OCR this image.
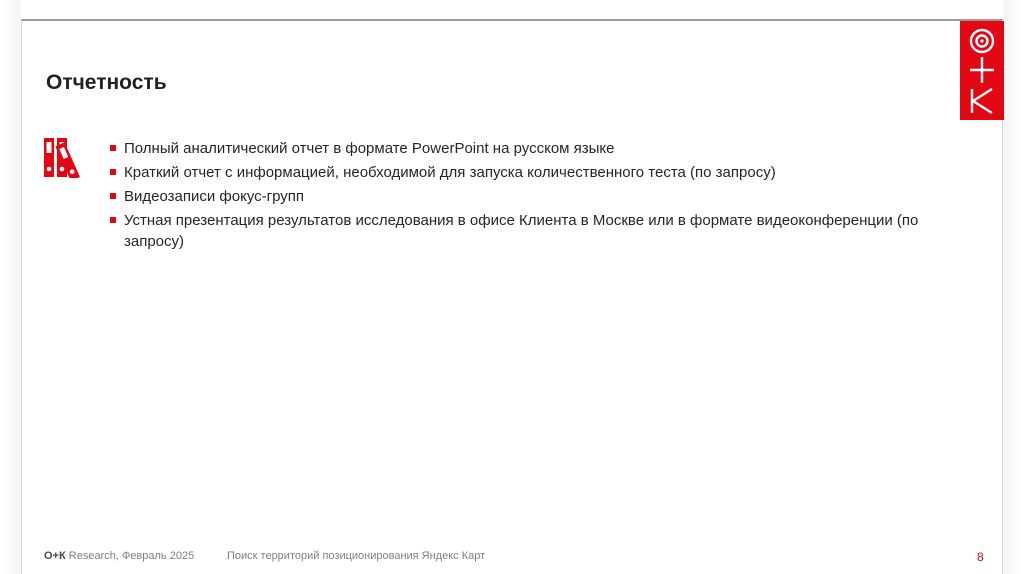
Отчетность
Полный аналитический отчет в формате PowerPoint на русском языке
Краткий отчет с информацией, необходимой для запуска количественного теста (по запросу)
Видеозаписи фокус-групп
Устная презентация результатов исследования в офисе Клиента в Москве или в формате видеоконференции (по запросу)
О+К Research, Февраль 2025	Поиск территорий позиционирования Яндекс Карт	8
